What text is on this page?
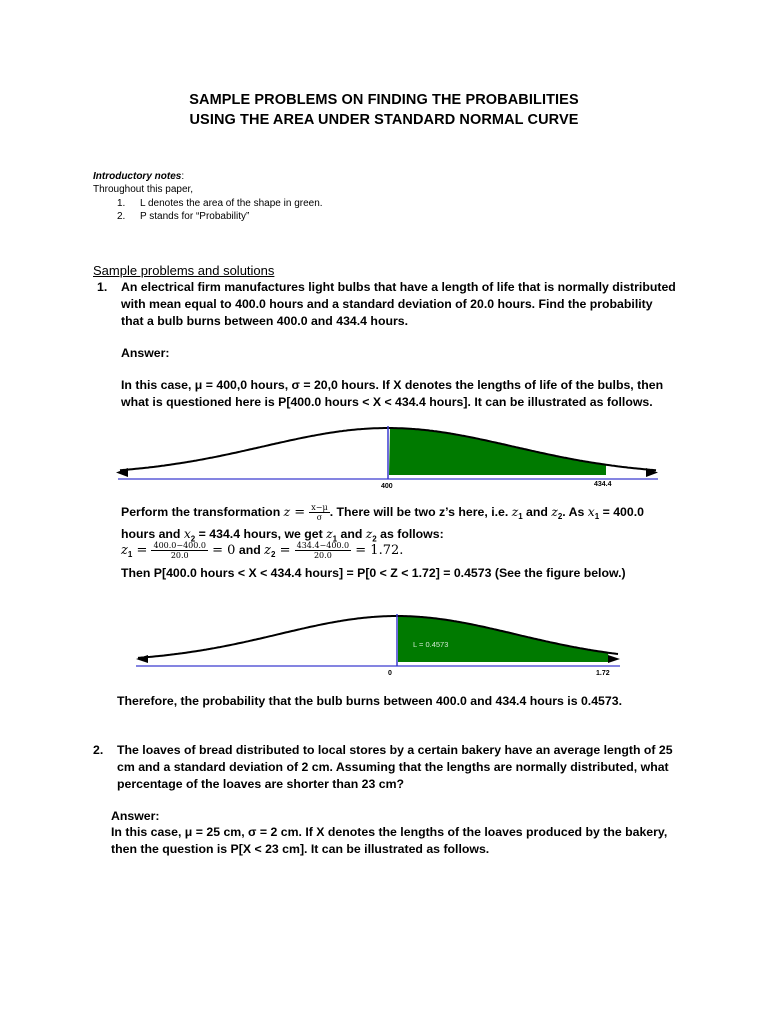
SAMPLE PROBLEMS ON FINDING THE PROBABILITIES
USING THE AREA UNDER STANDARD NORMAL CURVE
Introductory notes:
Throughout this paper,
1. L denotes the area of the shape in green.
2. P stands for “Probability”
Sample problems and solutions
1. An electrical firm manufactures light bulbs that have a length of life that is normally distributed
with mean equal to 400.0 hours and a standard deviation of 20.0 hours. Find the probability
that a bulb burns between 400.0 and 434.4 hours.
Answer:
In this case, μ = 400,0 hours, σ = 20,0 hours. If X denotes the lengths of life of the bulbs, then
what is questioned here is P[400.0 hours < X < 434.4 hours]. It can be illustrated as follows.
400	434.4
Perform the transformation $z = \frac{x-\mu}{\sigma}$ . There will be two z’s here, i.e. $z_1$ and $z_2$. As $x_1 = 400.0$
hours and $x_2 = 434.4$ hours, we get $z_1$ and $z_2$ as follows:
$z_1 = \frac{400.0-400.0}{20.0} = 0$ and $z_2 = \frac{434.4-400.0}{20.0} = 1.72$.
Then P[400.0 hours < X < 434.4 hours] = P[0 < Z < 1.72] = 0.4573 (See the figure below.)
L = 0.4573
0	1.72
Therefore, the probability that the bulb burns between 400.0 and 434.4 hours is 0.4573.
2. The loaves of bread distributed to local stores by a certain bakery have an average length of 25
cm and a standard deviation of 2 cm. Assuming that the lengths are normally distributed, what
percentage of the loaves are shorter than 23 cm?
Answer:
In this case, μ = 25 cm, σ = 2 cm. If X denotes the lengths of the loaves produced by the bakery,
then the question is P[X < 23 cm]. It can be illustrated as follows.
